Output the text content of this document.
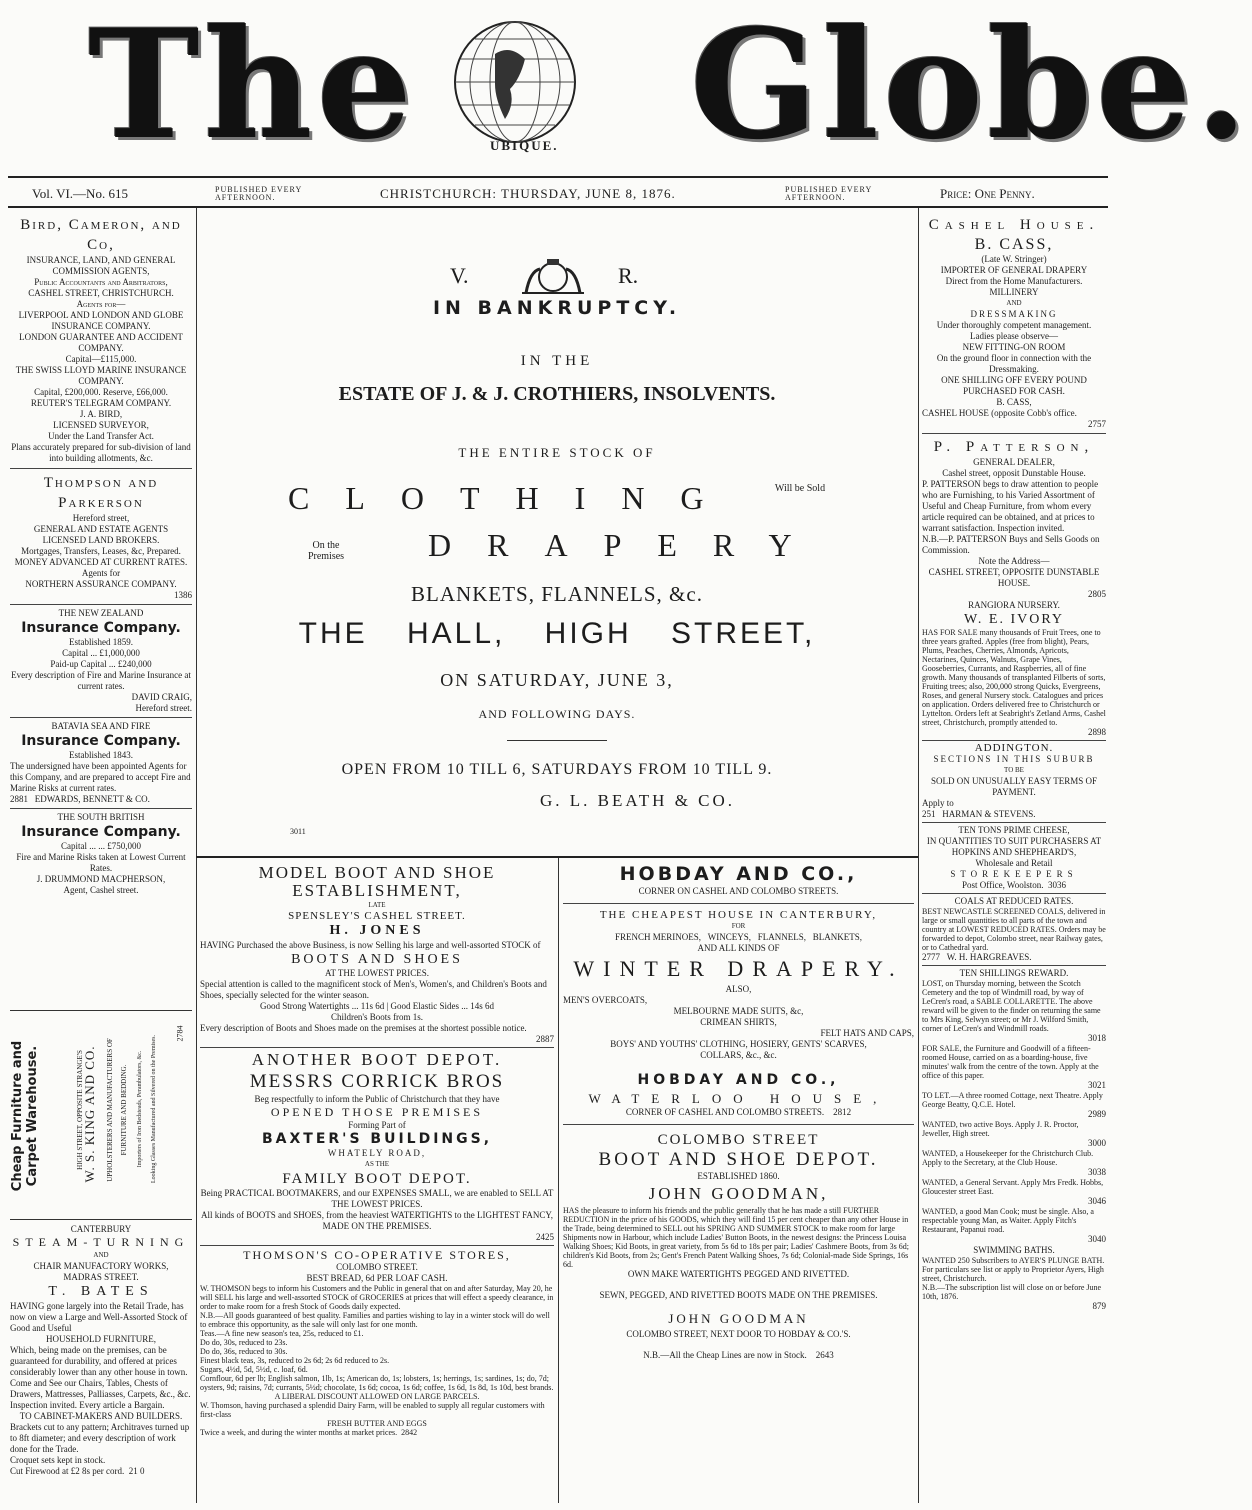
The	UBIQUE. Globe.
Vol. VI.—No. 615	PUBLISHED EVERY AFTERNOON.	CHRISTCHURCH: THURSDAY, JUNE 8, 1876.	PUBLISHED EVERY AFTERNOON.	Price: One Penny.

Bird, Cameron, and Co,

INSURANCE, LAND, AND GENERAL COMMISSION AGENTS,

Public Accountants and Arbitrators,

CASHEL STREET, CHRISTCHURCH.

Agents for—

LIVERPOOL AND LONDON AND GLOBE INSURANCE COMPANY.

LONDON GUARANTEE AND ACCIDENT COMPANY.

Capital—£115,000.

THE SWISS LLOYD MARINE INSURANCE COMPANY.

Capital, £200,000. Reserve, £66,000.

REUTER'S TELEGRAM COMPANY.

J. A. BIRD,

LICENSED SURVEYOR,

Under the Land Transfer Act.

Plans accurately prepared for sub-division of land into building allotments, &c.

Thompson and Parkerson

Hereford street,

GENERAL AND ESTATE AGENTS

LICENSED LAND BROKERS.

Mortgages, Transfers, Leases, &c, Prepared.

MONEY ADVANCED AT CURRENT RATES.

Agents for

NORTHERN ASSURANCE COMPANY.

1386

THE NEW ZEALAND

Insurance Company.

Established 1859.

Capital ... £1,000,000

Paid-up Capital ... £240,000

Every description of Fire and Marine Insurance at current rates.

DAVID CRAIG,

Hereford street.

BATAVIA SEA AND FIRE

Insurance Company.

Established 1843.

The undersigned have been appointed Agents for this Company, and are prepared to accept Fire and Marine Risks at current rates.

2881 EDWARDS, BENNETT & CO.

THE SOUTH BRITISH

Insurance Company.

Capital ... ... £750,000

Fire and Marine Risks taken at Lowest Current Rates.

J. DRUMMOND MACPHERSON,

Agent, Cashel street.

Cheap Furniture and Carpet Warehouse.	HIGH STREET, OPPOSITE STRANGE'S
W. S. KING AND CO. UPHOLSTERERS AND MANUFACTURERS OF FURNITURE AND BEDDING. Importers of Iron Bedsteads, Perambulators, &c. Looking Glasses Manufactured and Silvered on the Premises.
2784

CANTERBURY

STEAM-TURNING

AND

CHAIR MANUFACTORY WORKS,

MADRAS STREET.

T. BATES

HAVING gone largely into the Retail Trade, has now on view a Large and Well-Assorted Stock of Good and Useful

HOUSEHOLD FURNITURE,

Which, being made on the premises, can be guaranteed for durability, and offered at prices considerably lower than any other house in town.

Come and See our Chairs, Tables, Chests of Drawers, Mattresses, Palliasses, Carpets, &c., &c. Inspection invited. Every article a Bargain.

TO CABINET-MAKERS AND BUILDERS.

Brackets cut to any pattern; Architraves turned up to 8ft diameter; and every description of work done for the Trade.

Croquet sets kept in stock.

Cut Firewood at £2 8s per cord. 21 0

V.	R.
IN BANKRUPTCY.
IN THE
ESTATE OF J. & J. CROTHIERS, INSOLVENTS.
THE ENTIRE STOCK OF
CLOTHING	Will be Sold
On the Premises	DRAPERY
BLANKETS, FLANNELS, &c.
THE HALL, HIGH STREET,
ON SATURDAY, JUNE 3,
AND FOLLOWING DAYS.
OPEN FROM 10 TILL 6, SATURDAYS FROM 10 TILL 9.
G. L. BEATH & CO.
3011

MODEL BOOT AND SHOE ESTABLISHMENT,

LATE

SPENSLEY'S CASHEL STREET.

H. JONES

HAVING Purchased the above Business, is now Selling his large and well-assorted STOCK of

BOOTS AND SHOES

AT THE LOWEST PRICES.

Special attention is called to the magnificent stock of Men's, Women's, and Children's Boots and Shoes, specially selected for the winter season.

Good Strong Watertights ... 11s 6d | Good Elastic Sides ... 14s 6d

Children's Boots from 1s.

Every description of Boots and Shoes made on the premises at the shortest possible notice.

2887

ANOTHER BOOT DEPOT.

MESSRS CORRICK BROS

Beg respectfully to inform the Public of Christchurch that they have

OPENED THOSE PREMISES

Forming Part of

BAXTER'S BUILDINGS,

WHATELY ROAD,

AS THE

FAMILY BOOT DEPOT.

Being PRACTICAL BOOTMAKERS, and our EXPENSES SMALL, we are enabled to SELL AT THE LOWEST PRICES.

All kinds of BOOTS and SHOES, from the heaviest WATERTIGHTS to the LIGHTEST FANCY, MADE ON THE PREMISES.

2425

THOMSON'S CO-OPERATIVE STORES,

COLOMBO STREET.

BEST BREAD, 6d PER LOAF CASH.

W. THOMSON begs to inform his Customers and the Public in general that on and after Saturday, May 20, he will SELL his large and well-assorted STOCK of GROCERIES at prices that will effect a speedy clearance, in order to make room for a fresh Stock of Goods daily expected.

N.B.—All goods guaranteed of best quality. Families and parties wishing to lay in a winter stock will do well to embrace this opportunity, as the sale will only last for one month.

Teas.—A fine new season's tea, 25s, reduced to £1.

Do do, 30s, reduced to 23s.

Do do, 36s, reduced to 30s.

Finest black teas, 3s, reduced to 2s 6d; 2s 6d reduced to 2s.

Sugars, 4½d, 5d, 5½d, c. loaf, 6d.

Cornflour, 6d per lb; English salmon, 1lb, 1s; American do, 1s; lobsters, 1s; herrings, 1s; sardines, 1s; do, 7d; oysters, 9d; raisins, 7d; currants, 5½d; chocolate, 1s 6d; cocoa, 1s 6d; coffee, 1s 6d, 1s 8d, 1s 10d, best brands.

A LIBERAL DISCOUNT ALLOWED ON LARGE PARCELS.

W. Thomson, having purchased a splendid Dairy Farm, will be enabled to supply all regular customers with first-class

FRESH BUTTER AND EGGS

Twice a week, and during the winter months at market prices. 2842

HOBDAY AND CO.,

CORNER ON CASHEL AND COLOMBO STREETS.

THE CHEAPEST HOUSE IN CANTERBURY,

FOR

FRENCH MERINOES, WINCEYS, FLANNELS, BLANKETS,

AND ALL KINDS OF

WINTER DRAPERY.

ALSO,

MEN'S OVERCOATS,

MELBOURNE MADE SUITS, &c,

CRIMEAN SHIRTS,

FELT HATS AND CAPS,

BOYS' AND YOUTHS' CLOTHING, HOSIERY, GENTS' SCARVES,

COLLARS, &c., &c.

HOBDAY AND CO.,

WATERLOO HOUSE,

CORNER OF CASHEL AND COLOMBO STREETS. 2812

COLOMBO STREET

BOOT AND SHOE DEPOT.

ESTABLISHED 1860.

JOHN GOODMAN,

HAS the pleasure to inform his friends and the public generally that he has made a still FURTHER REDUCTION in the price of his GOODS, which they will find 15 per cent cheaper than any other House in the Trade, being determined to SELL out his SPRING AND SUMMER STOCK to make room for large Shipments now in Harbour, which include Ladies' Button Boots, in the newest designs: the Princess Louisa Walking Shoes; Kid Boots, in great variety, from 5s 6d to 18s per pair; Ladies' Cashmere Boots, from 3s 6d; children's Kid Boots, from 2s; Gent's French Patent Walking Shoes, 7s 6d; Colonial-made Side Springs, 16s 6d.

OWN MAKE WATERTIGHTS PEGGED AND RIVETTED.

SEWN, PEGGED, AND RIVETTED BOOTS MADE ON THE PREMISES.

JOHN GOODMAN

COLOMBO STREET, NEXT DOOR TO HOBDAY & CO.'S.

N.B.—All the Cheap Lines are now in Stock. 2643

Cashel House.

B. CASS,

(Late W. Stringer)

IMPORTER OF GENERAL DRAPERY

Direct from the Home Manufacturers.

MILLINERY

AND

DRESSMAKING

Under thoroughly competent management.

Ladies please observe—

NEW FITTING-ON ROOM

On the ground floor in connection with the Dressmaking.

ONE SHILLING OFF EVERY POUND PURCHASED FOR CASH.

B. CASS,

CASHEL HOUSE (opposite Cobb's office.

2757

P. Patterson,

GENERAL DEALER,

Cashel street, opposit Dunstable House.

P. PATTERSON begs to draw attention to people who are Furnishing, to his Varied Assortment of Useful and Cheap Furniture, from whom every article required can be obtained, and at prices to warrant satisfaction. Inspection invited.

N.B.—P. PATTERSON Buys and Sells Goods on Commission.

Note the Address—

CASHEL STREET, OPPOSITE DUNSTABLE HOUSE.

2805

RANGIORA NURSERY.

W. E. IVORY

HAS FOR SALE many thousands of Fruit Trees, one to three years grafted. Apples (free from blight), Pears, Plums, Peaches, Cherries, Almonds, Apricots, Nectarines, Quinces, Walnuts, Grape Vines, Gooseberries, Currants, and Raspberries, all of fine growth. Many thousands of transplanted Filberts of sorts, Fruiting trees; also, 200,000 strong Quicks, Evergreens, Roses, and general Nursery stock. Catalogues and prices on application. Orders delivered free to Christchurch or Lyttelton. Orders left at Seabright's Zetland Arms, Cashel street, Christchurch, promptly attended to.

2898

ADDINGTON.

SECTIONS IN THIS SUBURB

TO BE

SOLD ON UNUSUALLY EASY TERMS OF PAYMENT.

Apply to

251 HARMAN & STEVENS.

TEN TONS PRIME CHEESE,

IN QUANTITIES TO SUIT PURCHASERS AT

HOPKINS AND SHEPHEARD'S,

Wholesale and Retail

STOREKEEPERS

Post Office, Woolston. 3036

COALS AT REDUCED RATES.

BEST NEWCASTLE SCREENED COALS, delivered in large or small quantities to all parts of the town and country at LOWEST REDUCED RATES. Orders may be forwarded to depot, Colombo street, near Railway gates, or to Cathedral yard.

2777 W. H. HARGREAVES.

TEN SHILLINGS REWARD.

LOST, on Thursday morning, between the Scotch Cemetery and the top of Windmill road, by way of LeCren's road, a SABLE COLLARETTE. The above reward will be given to the finder on returning the same to Mrs King, Selwyn street; or Mr J. Wilford Smith, corner of LeCren's and Windmill roads.

3018

FOR SALE, the Furniture and Goodwill of a fifteen-roomed House, carried on as a boarding-house, five minutes' walk from the centre of the town. Apply at the office of this paper.

3021

TO LET.—A three roomed Cottage, next Theatre. Apply George Beatty, Q.C.E. Hotel.

2989

WANTED, two active Boys. Apply J. R. Proctor, Jeweller, High street.

3000

WANTED, a Housekeeper for the Christchurch Club. Apply to the Secretary, at the Club House.

3038

WANTED, a General Servant. Apply Mrs Fredk. Hobbs, Gloucester street East.

3046

WANTED, a good Man Cook; must be single. Also, a respectable young Man, as Waiter. Apply Fitch's Restaurant, Papanui road.

3040

SWIMMING BATHS.

WANTED 250 Subscribers to AYER'S PLUNGE BATH. For particulars see list or apply to Proprietor Ayers, High street, Christchurch.

N.B.—The subscription list will close on or before June 10th, 1876.

879
